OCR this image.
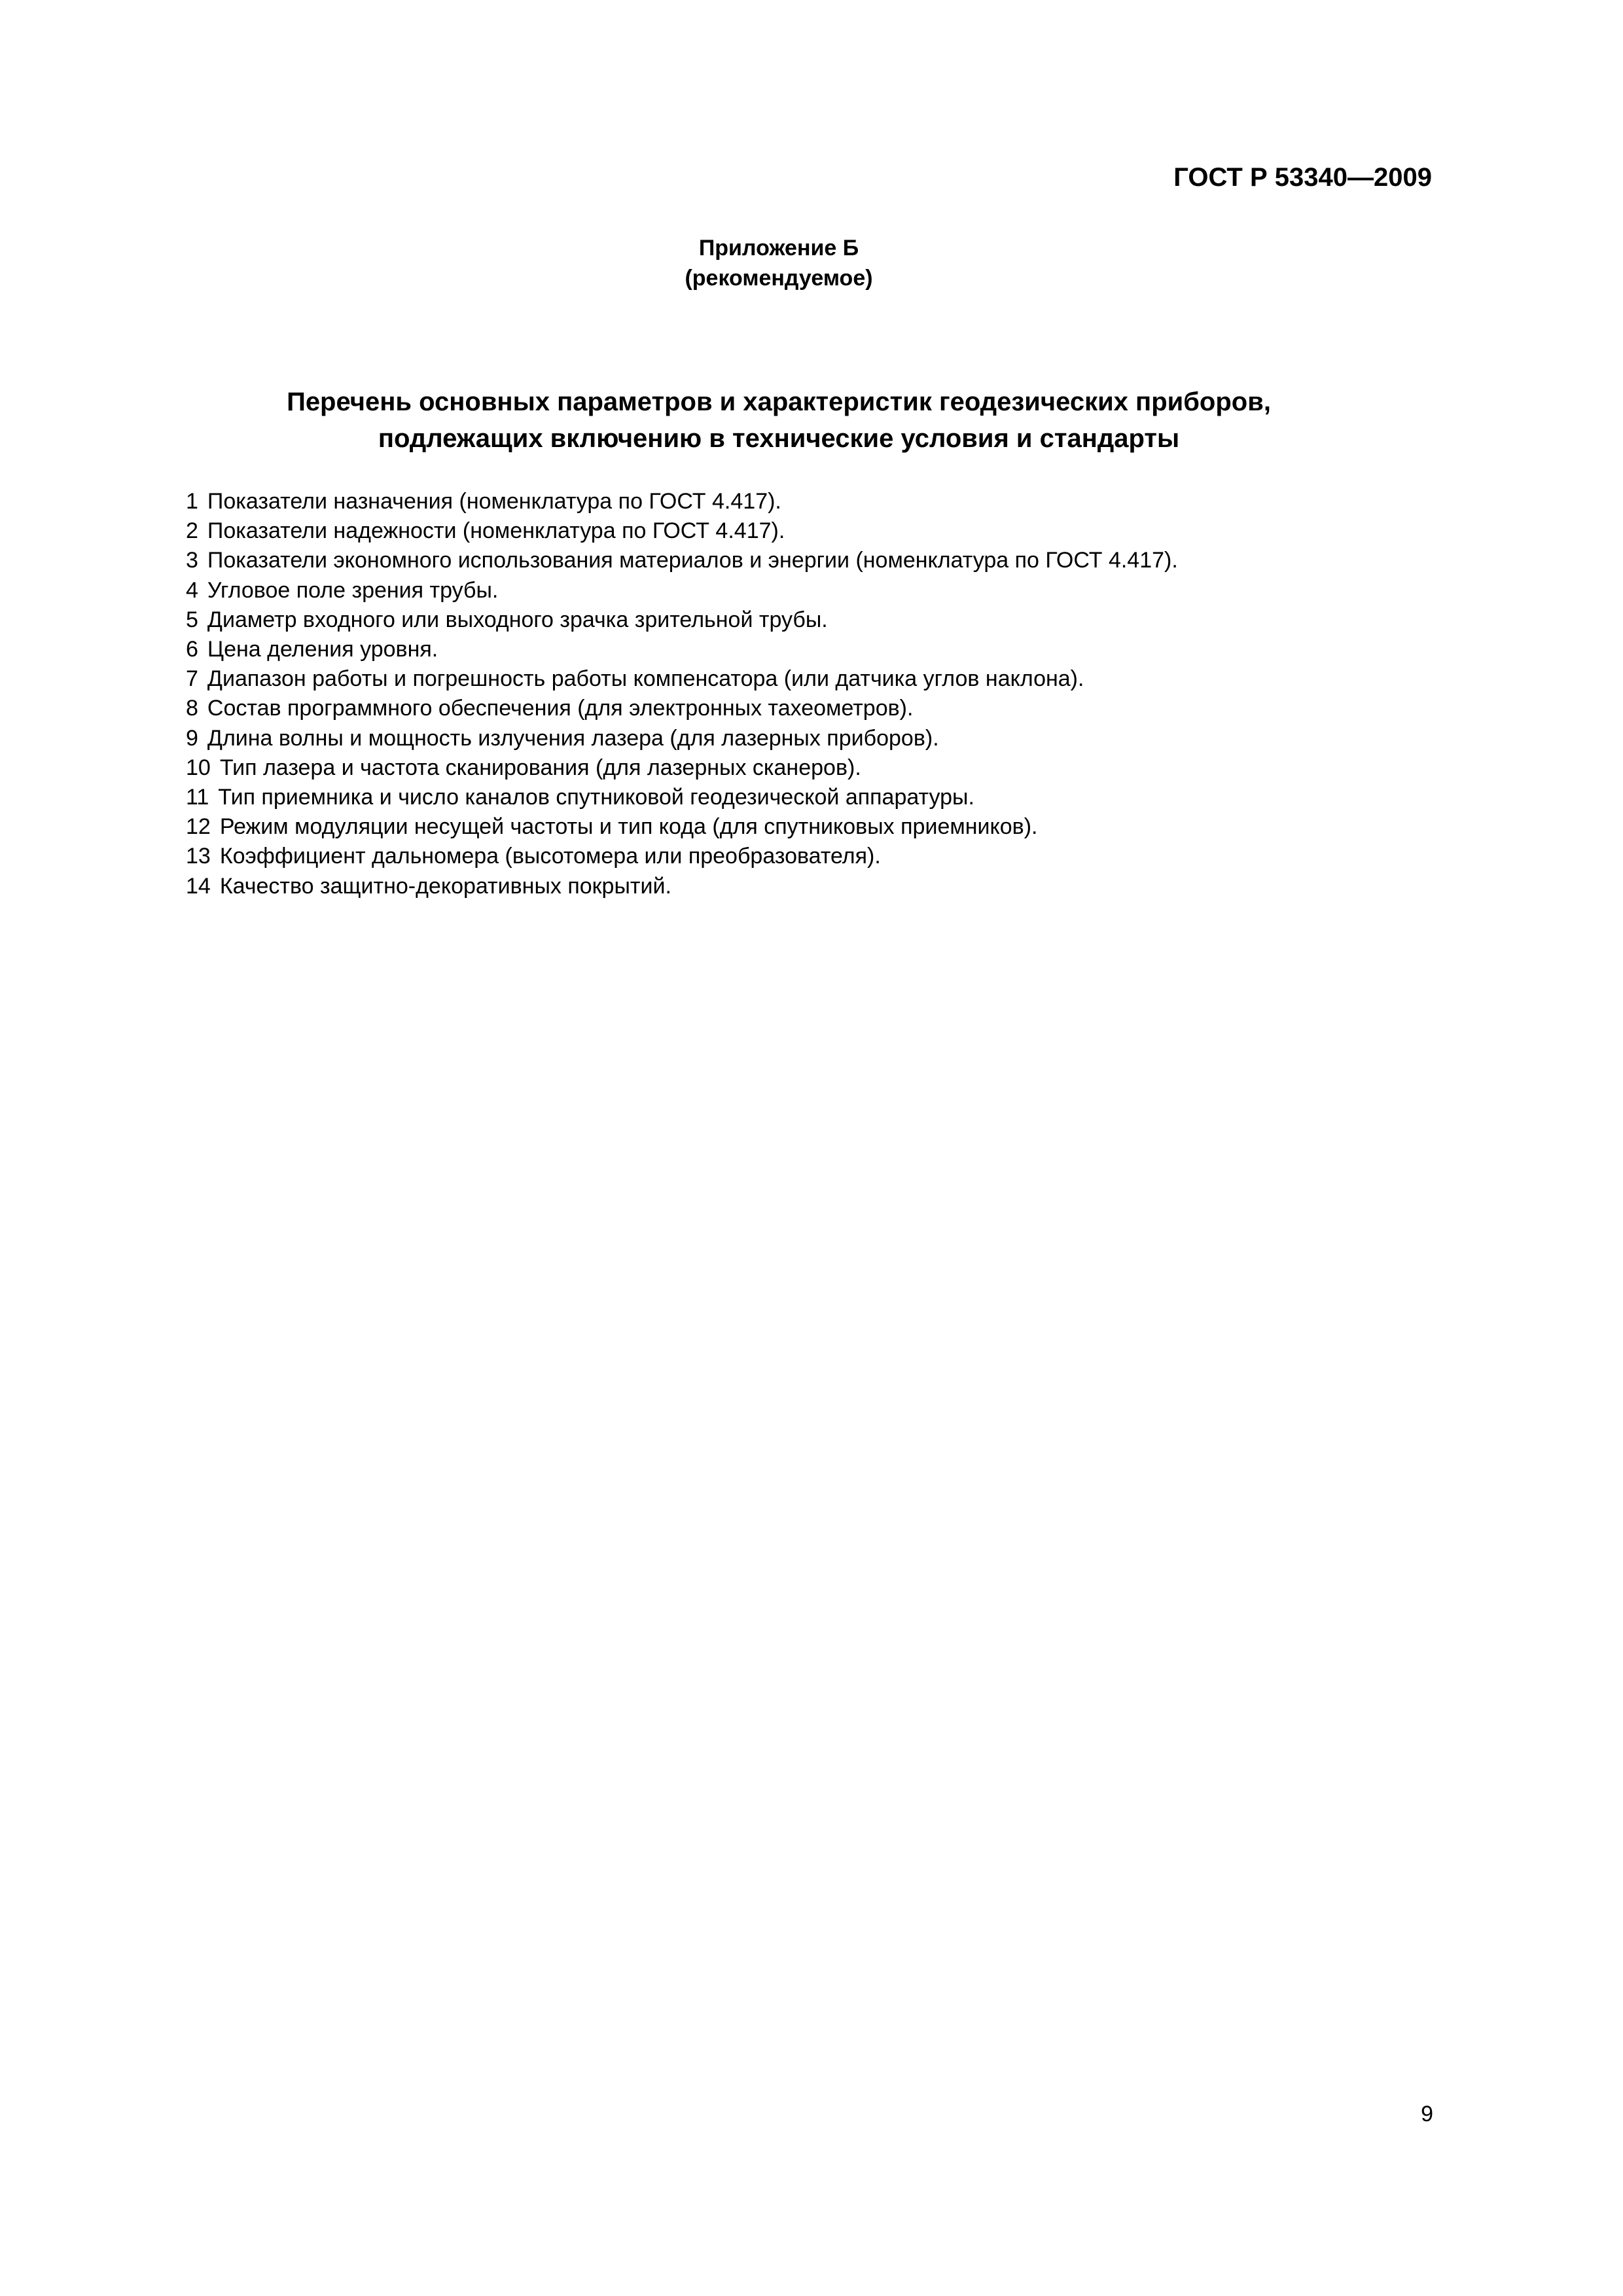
ГОСТ Р 53340—2009
Приложение Б
(рекомендуемое)
Перечень основных параметров и характеристик геодезических приборов,
подлежащих включению в технические условия и стандарты
1 Показатели назначения (номенклатура по ГОСТ 4.417).
2 Показатели надежности (номенклатура по ГОСТ 4.417).
3 Показатели экономного использования материалов и энергии (номенклатура по ГОСТ 4.417).
4 Угловое поле зрения трубы.
5 Диаметр входного или выходного зрачка зрительной трубы.
6 Цена деления уровня.
7 Диапазон работы и погрешность работы компенсатора (или датчика углов наклона).
8 Состав программного обеспечения (для электронных тахеометров).
9 Длина волны и мощность излучения лазера (для лазерных приборов).
10 Тип лазера и частота сканирования (для лазерных сканеров).
11 Тип приемника и число каналов спутниковой геодезической аппаратуры.
12 Режим модуляции несущей частоты и тип кода (для спутниковых приемников).
13 Коэффициент дальномера (высотомера или преобразователя).
14 Качество защитно-декоративных покрытий.
9
